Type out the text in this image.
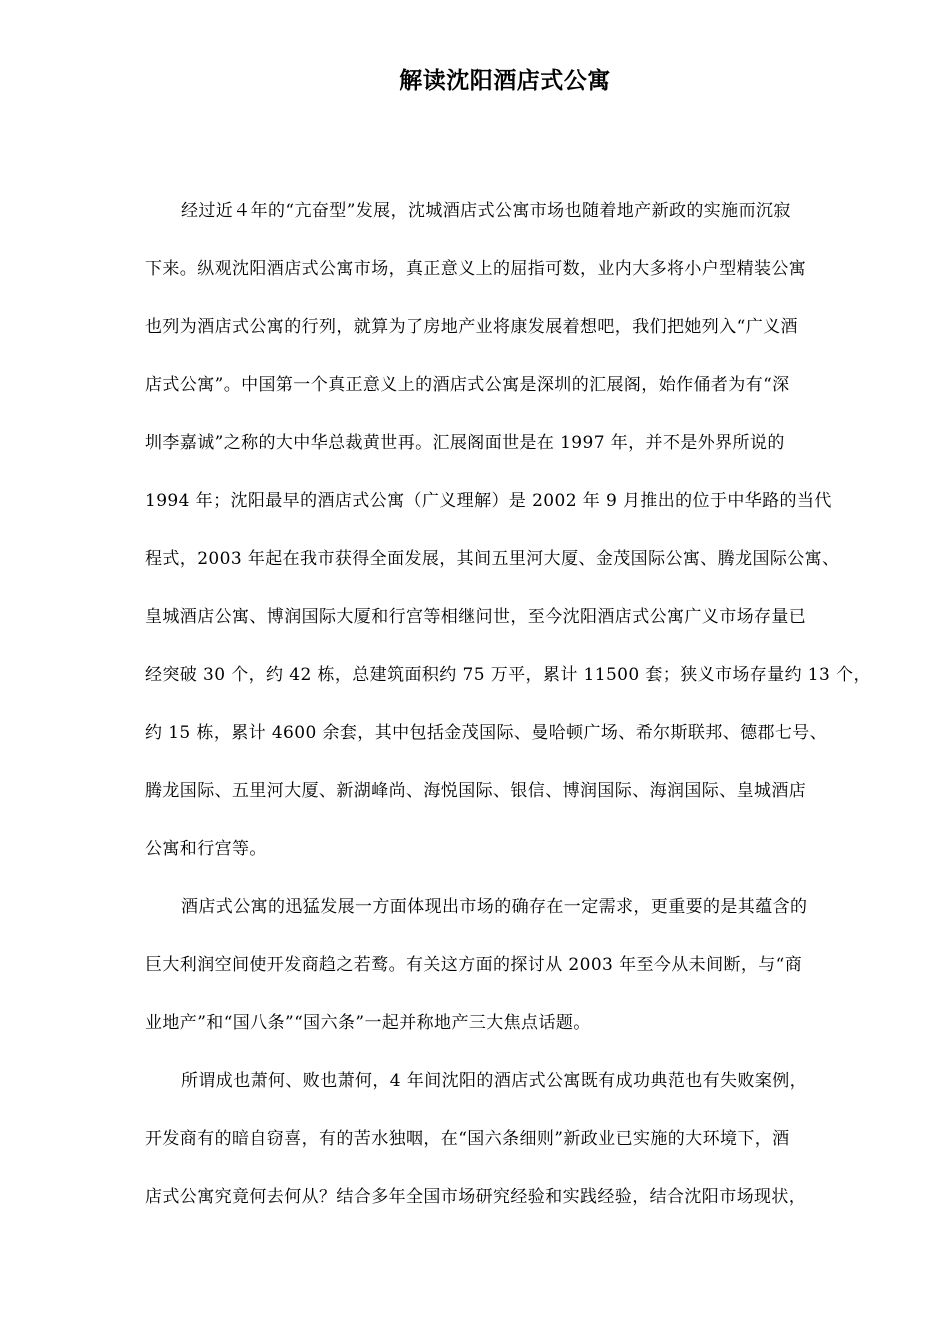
解读沈阳酒店式公寓
经过近４年的“亢奋型”发展，沈城酒店式公寓市场也随着地产新政的实施而沉寂
下来。纵观沈阳酒店式公寓市场，真正意义上的屈指可数，业内大多将小户型精装公寓
也列为酒店式公寓的行列，就算为了房地产业将康发展着想吧，我们把她列入“广义酒
店式公寓”。中国第一个真正意义上的酒店式公寓是深圳的汇展阁，始作俑者为有“深
圳李嘉诚”之称的大中华总裁黄世再。汇展阁面世是在 1997 年，并不是外界所说的
1994 年；沈阳最早的酒店式公寓（广义理解）是 2002 年 9 月推出的位于中华路的当代
程式，2003 年起在我市获得全面发展，其间五里河大厦、金茂国际公寓、腾龙国际公寓、
皇城酒店公寓、博润国际大厦和行宫等相继问世，至今沈阳酒店式公寓广义市场存量已
经突破 30 个，约 42 栋，总建筑面积约 75 万平，累计 11500 套；狭义市场存量约 13 个，
约 15 栋，累计 4600 余套，其中包括金茂国际、曼哈顿广场、希尔斯联邦、德郡七号、
腾龙国际、五里河大厦、新湖峰尚、海悦国际、银信、博润国际、海润国际、皇城酒店
公寓和行宫等。
酒店式公寓的迅猛发展一方面体现出市场的确存在一定需求，更重要的是其蕴含的
巨大利润空间使开发商趋之若鹜。有关这方面的探讨从 2003 年至今从未间断，与“商
业地产”和“国八条”“国六条”一起并称地产三大焦点话题。
所谓成也萧何、败也萧何，4 年间沈阳的酒店式公寓既有成功典范也有失败案例，
开发商有的暗自窃喜，有的苦水独咽，在“国六条细则”新政业已实施的大环境下，酒
店式公寓究竟何去何从？结合多年全国市场研究经验和实践经验，结合沈阳市场现状，
